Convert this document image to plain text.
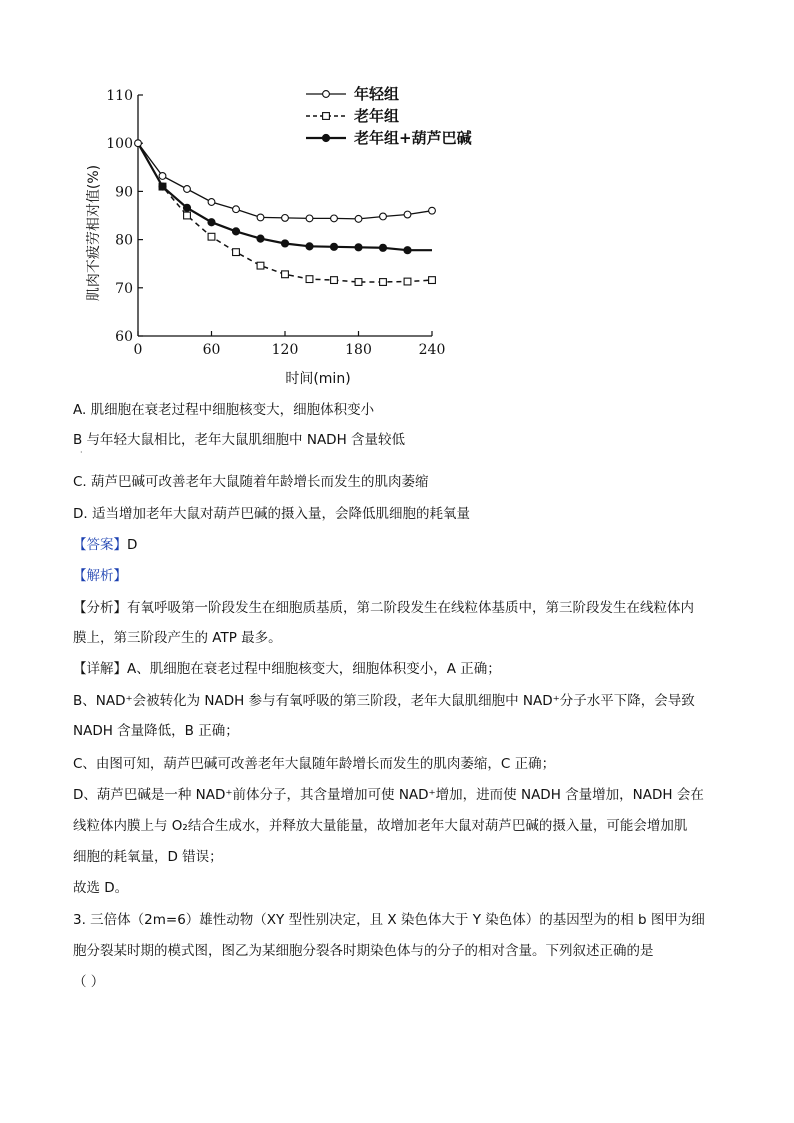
60
70
80
90
100
110
0	60	120	180	240
年轻组
老年组
老年组+葫芦巴碱
时间(min)
肌肉不疲劳相对值(%)
A. 肌细胞在衰老过程中细胞核变大，细胞体积变小
B 与年轻大鼠相比，老年大鼠肌细胞中 NADH 含量较低
·
C. 葫芦巴碱可改善老年大鼠随着年龄增长而发生的肌肉萎缩
D. 适当增加老年大鼠对葫芦巴碱的摄入量，会降低肌细胞的耗氧量
【答案】D
【解析】
【分析】有氧呼吸第一阶段发生在细胞质基质，第二阶段发生在线粒体基质中，第三阶段发生在线粒体内
膜上，第三阶段产生的 ATP 最多。
【详解】A、肌细胞在衰老过程中细胞核变大，细胞体积变小，A 正确；
B、NAD⁺会被转化为 NADH 参与有氧呼吸的第三阶段，老年大鼠肌细胞中 NAD⁺分子水平下降，会导致
NADH 含量降低，B 正确；
C、由图可知，葫芦巴碱可改善老年大鼠随年龄增长而发生的肌肉萎缩，C 正确；
D、葫芦巴碱是一种 NAD⁺前体分子，其含量增加可使 NAD⁺增加，进而使 NADH 含量增加，NADH 会在
线粒体内膜上与 O₂结合生成水，并释放大量能量，故增加老年大鼠对葫芦巴碱的摄入量，可能会增加肌
细胞的耗氧量，D 错误；
故选 D。
3. 三倍体（2m=6）雄性动物（XY 型性别决定，且 X 染色体大于 Y 染色体）的基因型为的相 b 图甲为细
胞分裂某时期的模式图，图乙为某细胞分裂各时期染色体与的分子的相对含量。下列叙述正确的是
（ ）
